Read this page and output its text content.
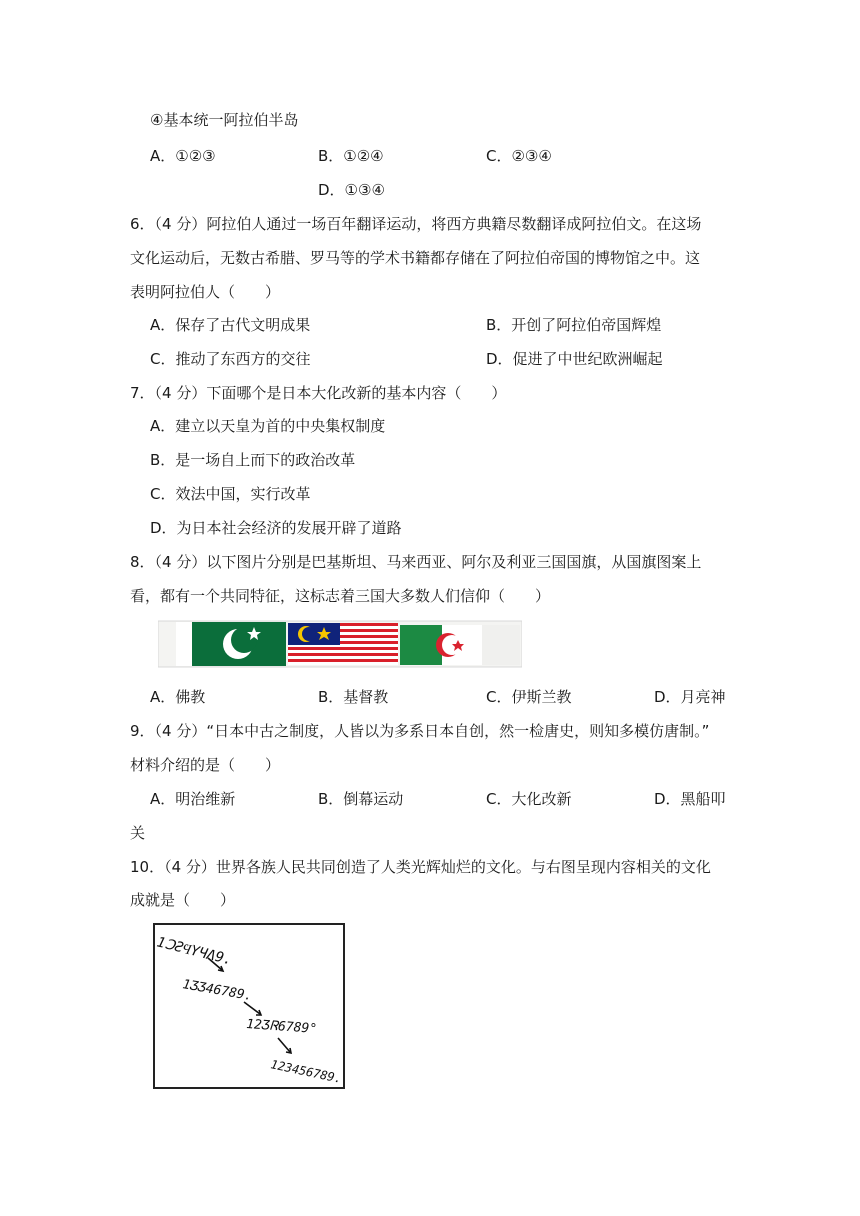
④基本统一阿拉伯半岛
A．①②③	B．①②④	C．②③④
D．①③④
6．（4 分）阿拉伯人通过一场百年翻译运动，将西方典籍尽数翻译成阿拉伯文。在这场
文化运动后，无数古希腊、罗马等的学术书籍都存储在了阿拉伯帝国的博物馆之中。这
表明阿拉伯人（　　）
A．保存了古代文明成果	B．开创了阿拉伯帝国辉煌
C．推动了东西方的交往	D．促进了中世纪欧洲崛起
7．（4 分）下面哪个是日本大化改新的基本内容（　　）
A．建立以天皇为首的中央集权制度
B．是一场自上而下的政治改革
C．效法中国，实行改革
D．为日本社会经济的发展开辟了道路
8．（4 分）以下图片分别是巴基斯坦、马来西亚、阿尔及利亚三国国旗，从国旗图案上
看，都有一个共同特征，这标志着三国大多数人们信仰（　　）
A．佛教	B．基督教	C．伊斯兰教	D．月亮神
9．（4 分）“日本中古之制度，人皆以为多系日本自创，然一检唐史，则知多模仿唐制。”
材料介绍的是（　　）
A．明治维新	B．倒幕运动	C．大化改新	D．黑船叩
关
10．（4 分）世界各族人民共同创造了人类光辉灿烂的文化。与右图呈现内容相关的文化
成就是（　　）
1ↃƧϤYЧɅ9.
1ƷƷ46789.
12ƷᏒ6789°
123456789.
